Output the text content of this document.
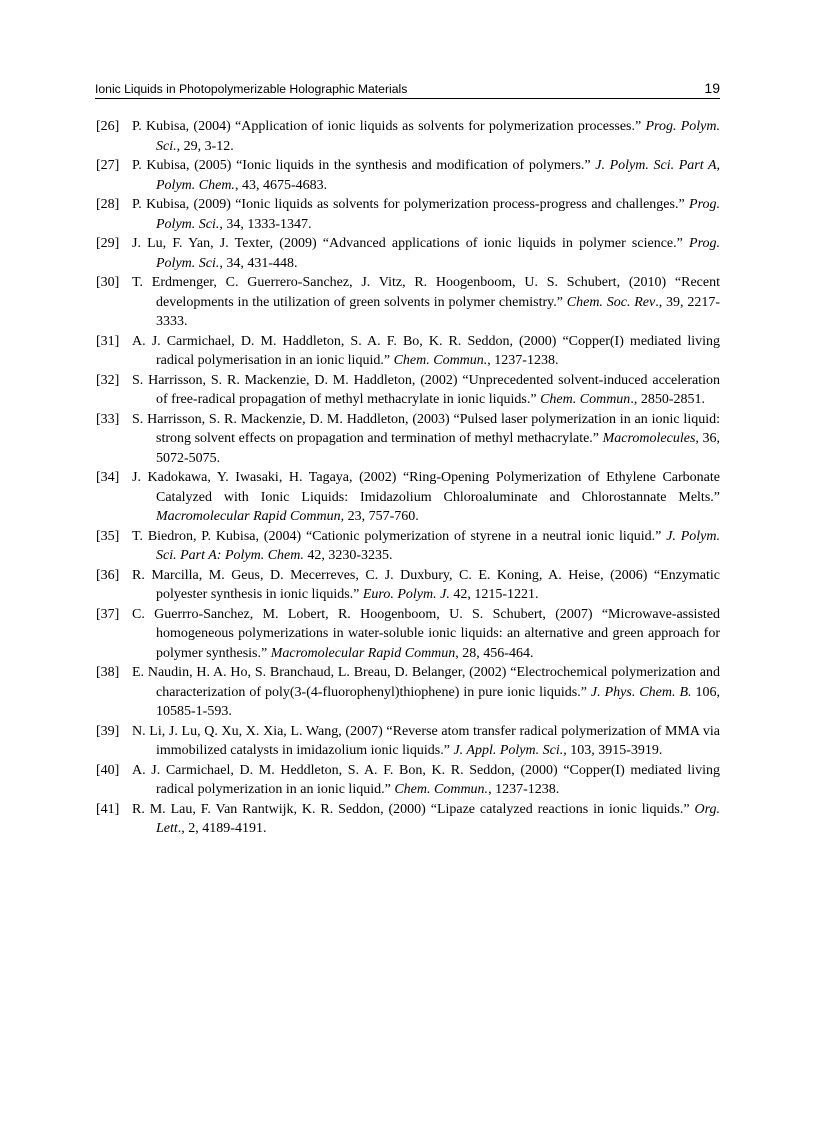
Ionic Liquids in Photopolymerizable Holographic Materials	19
[26] P. Kubisa, (2004) “Application of ionic liquids as solvents for polymerization processes.” Prog. Polym. Sci., 29, 3-12.
[27] P. Kubisa, (2005) “Ionic liquids in the synthesis and modification of polymers.” J. Polym. Sci. Part A, Polym. Chem., 43, 4675-4683.
[28] P. Kubisa, (2009) “Ionic liquids as solvents for polymerization process-progress and challenges.” Prog. Polym. Sci., 34, 1333-1347.
[29] J. Lu, F. Yan, J. Texter, (2009) “Advanced applications of ionic liquids in polymer science.” Prog. Polym. Sci., 34, 431-448.
[30] T. Erdmenger, C. Guerrero-Sanchez, J. Vitz, R. Hoogenboom, U. S. Schubert, (2010) “Recent developments in the utilization of green solvents in polymer chemistry.” Chem. Soc. Rev., 39, 2217-3333.
[31] A. J. Carmichael, D. M. Haddleton, S. A. F. Bo, K. R. Seddon, (2000) “Copper(I) mediated living radical polymerisation in an ionic liquid.” Chem. Commun., 1237-1238.
[32] S. Harrisson, S. R. Mackenzie, D. M. Haddleton, (2002) “Unprecedented solvent-induced acceleration of free-radical propagation of methyl methacrylate in ionic liquids.” Chem. Commun., 2850-2851.
[33] S. Harrisson, S. R. Mackenzie, D. M. Haddleton, (2003) “Pulsed laser polymerization in an ionic liquid: strong solvent effects on propagation and termination of methyl methacrylate.” Macromolecules, 36, 5072-5075.
[34] J. Kadokawa, Y. Iwasaki, H. Tagaya, (2002) “Ring-Opening Polymerization of Ethylene Carbonate Catalyzed with Ionic Liquids: Imidazolium Chloroaluminate and Chlorostannate Melts.” Macromolecular Rapid Commun, 23, 757-760.
[35] T. Biedron, P. Kubisa, (2004) “Cationic polymerization of styrene in a neutral ionic liquid.” J. Polym. Sci. Part A: Polym. Chem. 42, 3230-3235.
[36] R. Marcilla, M. Geus, D. Mecerreves, C. J. Duxbury, C. E. Koning, A. Heise, (2006) “Enzymatic polyester synthesis in ionic liquids.” Euro. Polym. J. 42, 1215-1221.
[37] C. Guerrro-Sanchez, M. Lobert, R. Hoogenboom, U. S. Schubert, (2007) “Microwave-assisted homogeneous polymerizations in water-soluble ionic liquids: an alternative and green approach for polymer synthesis.” Macromolecular Rapid Commun, 28, 456-464.
[38] E. Naudin, H. A. Ho, S. Branchaud, L. Breau, D. Belanger, (2002) “Electrochemical polymerization and characterization of poly(3-(4-fluorophenyl)thiophene) in pure ionic liquids.” J. Phys. Chem. B. 106, 10585-1-593.
[39] N. Li, J. Lu, Q. Xu, X. Xia, L. Wang, (2007) “Reverse atom transfer radical polymerization of MMA via immobilized catalysts in imidazolium ionic liquids.” J. Appl. Polym. Sci., 103, 3915-3919.
[40] A. J. Carmichael, D. M. Heddleton, S. A. F. Bon, K. R. Seddon, (2000) “Copper(I) mediated living radical polymerization in an ionic liquid.” Chem. Commun., 1237-1238.
[41] R. M. Lau, F. Van Rantwijk, K. R. Seddon, (2000) “Lipaze catalyzed reactions in ionic liquids.” Org. Lett., 2, 4189-4191.
